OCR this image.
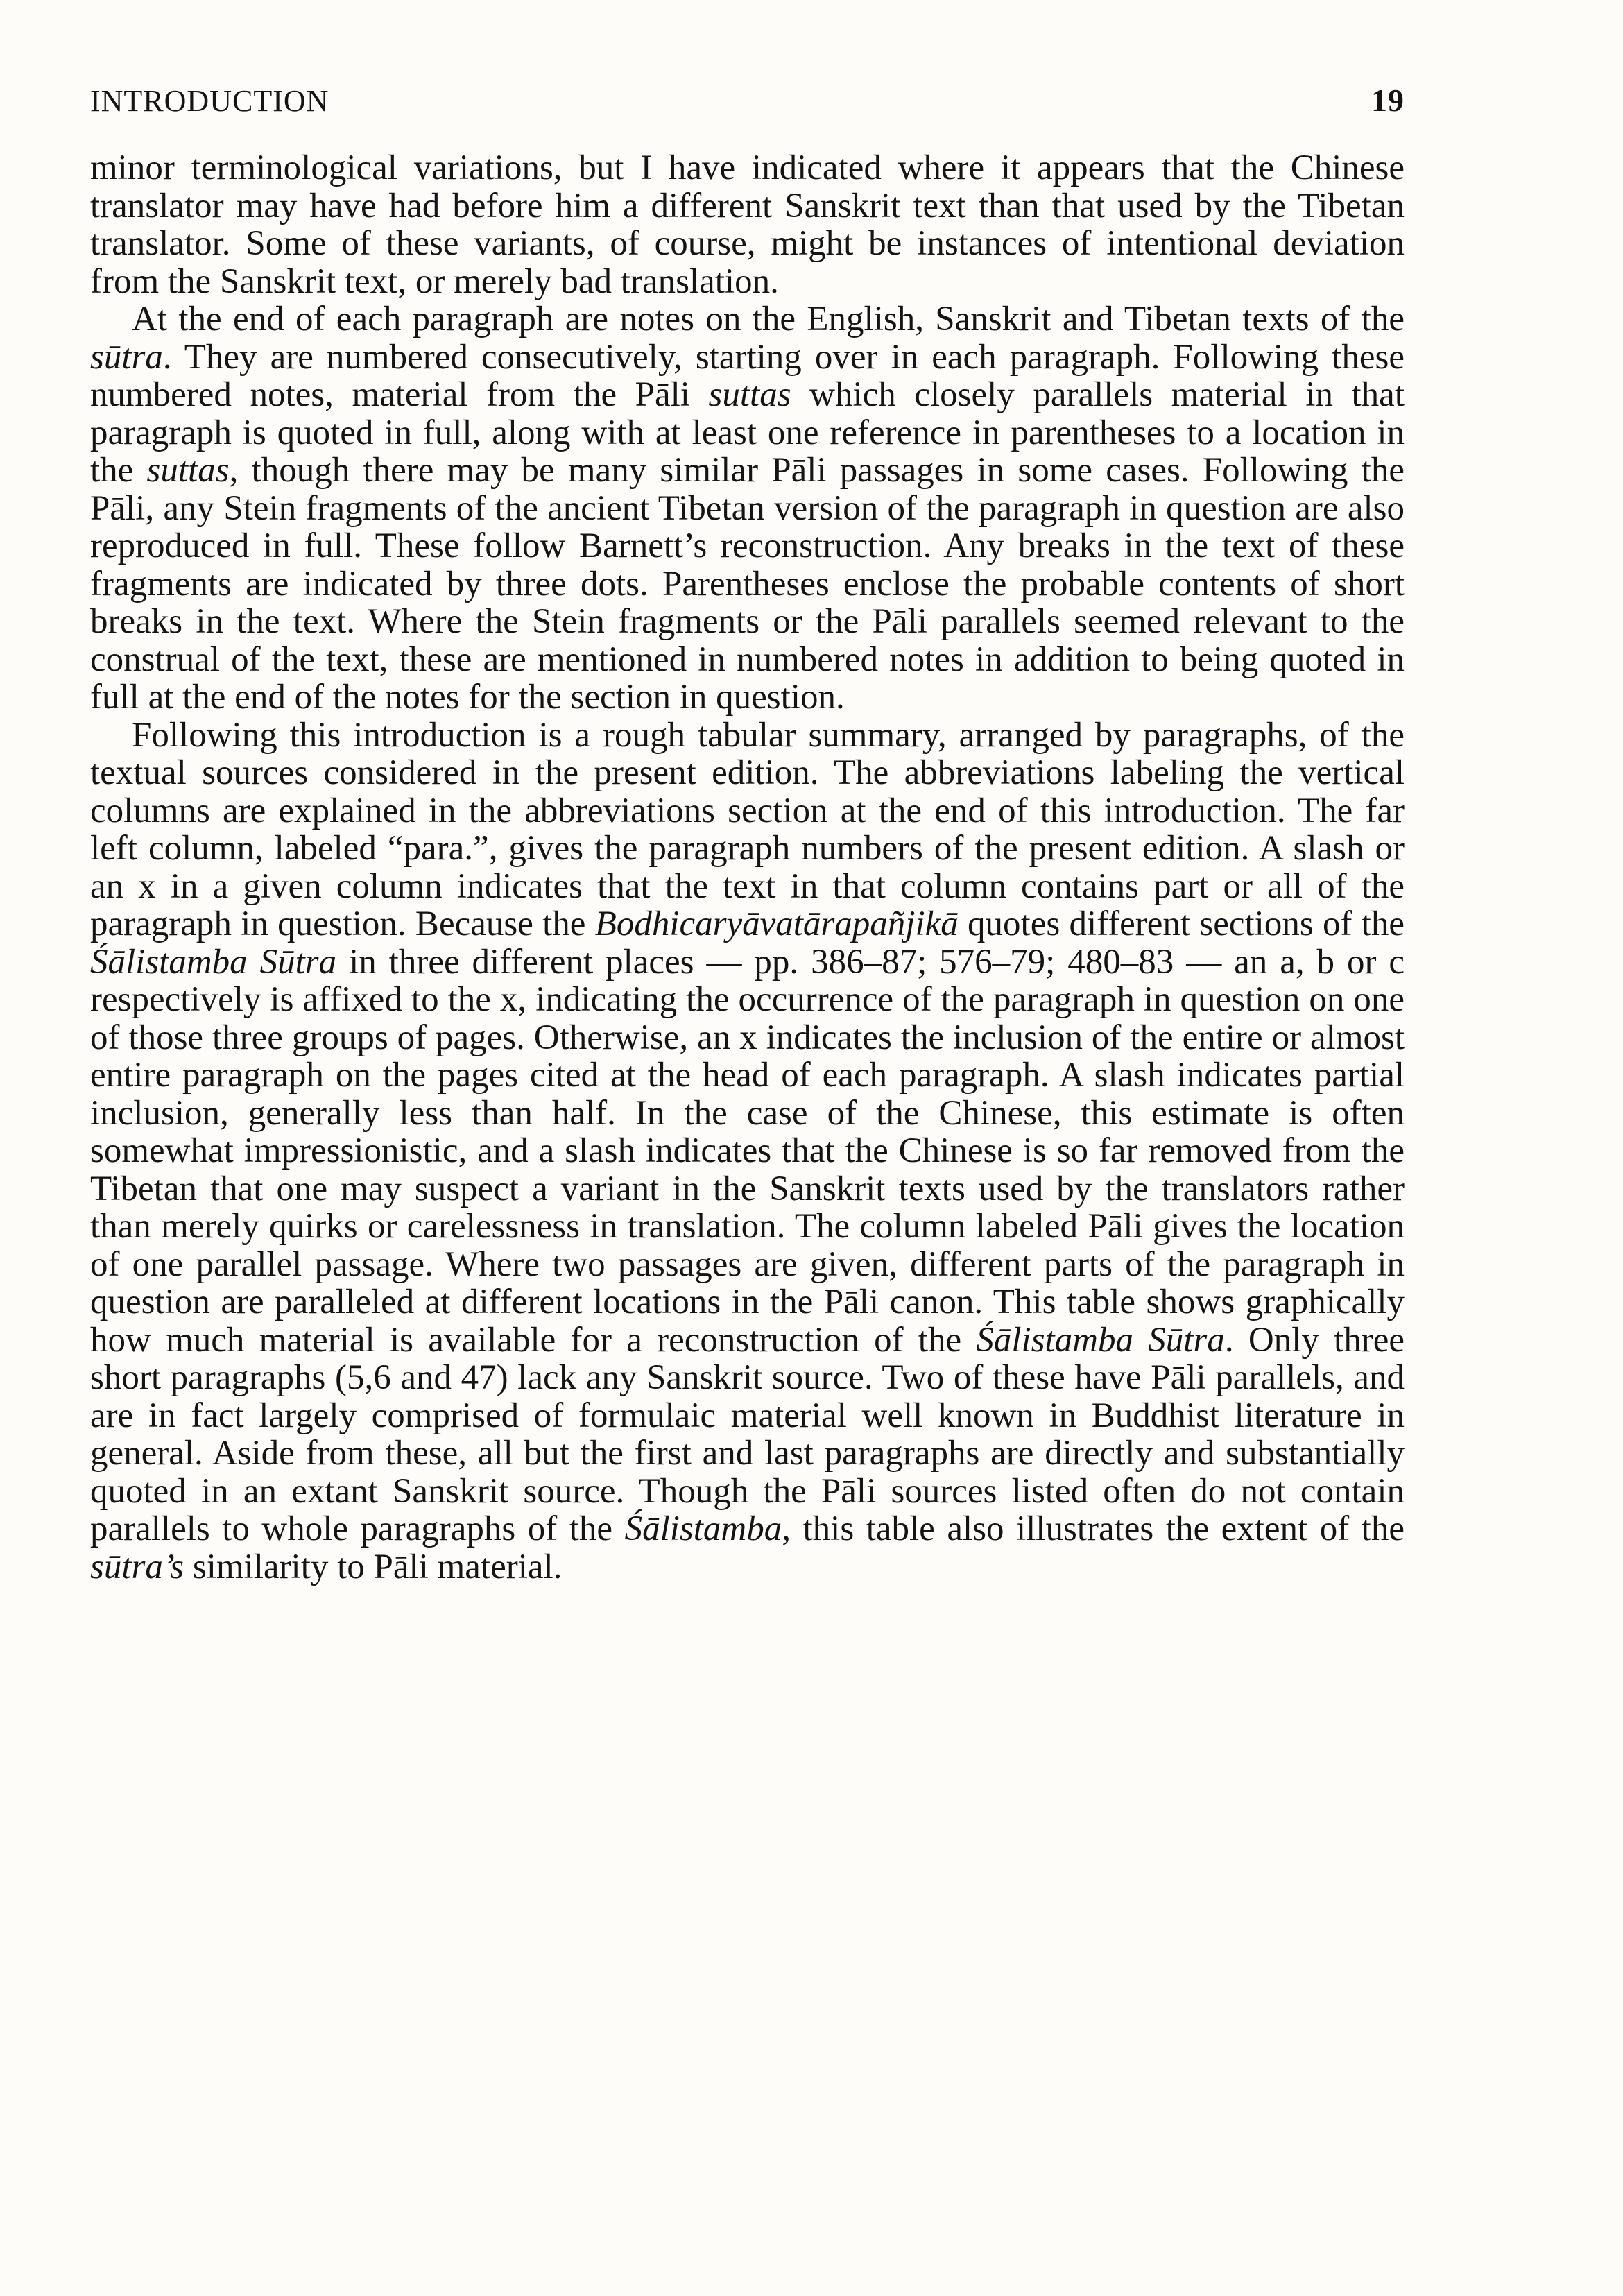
INTRODUCTION	19

minor terminological variations, but I have indicated where it appears that the Chinese translator may have had before him a different Sanskrit text than that used by the Tibetan translator. Some of these variants, of course, might be instances of intentional deviation from the Sanskrit text, or merely bad translation.

At the end of each paragraph are notes on the English, Sanskrit and Tibetan texts of the sūtra. They are numbered consecutively, starting over in each paragraph. Following these numbered notes, material from the Pāli suttas which closely parallels material in that paragraph is quoted in full, along with at least one reference in parentheses to a location in the suttas, though there may be many similar Pāli passages in some cases. Following the Pāli, any Stein fragments of the ancient Tibetan version of the paragraph in question are also reproduced in full. These follow Barnett’s reconstruction. Any breaks in the text of these fragments are indicated by three dots. Parentheses enclose the probable contents of short breaks in the text. Where the Stein fragments or the Pāli parallels seemed relevant to the construal of the text, these are mentioned in numbered notes in addition to being quoted in full at the end of the notes for the section in question.

Following this introduction is a rough tabular summary, arranged by paragraphs, of the textual sources considered in the present edition. The abbreviations labeling the vertical columns are explained in the abbreviations section at the end of this introduction. The far left column, labeled “para.”, gives the paragraph numbers of the present edition. A slash or an x in a given column indicates that the text in that column contains part or all of the paragraph in question. Because the Bodhicaryāvatārapañjikā quotes different sections of the Śālistamba Sūtra in three different places — pp. 386–87; 576–79; 480–83 — an a, b or c respectively is affixed to the x, indicating the occurrence of the paragraph in question on one of those three groups of pages. Otherwise, an x indicates the inclusion of the entire or almost entire paragraph on the pages cited at the head of each paragraph. A slash indicates partial inclusion, generally less than half. In the case of the Chinese, this estimate is often somewhat impressionistic, and a slash indicates that the Chinese is so far removed from the Tibetan that one may suspect a variant in the Sanskrit texts used by the translators rather than merely quirks or carelessness in translation. The column labeled Pāli gives the location of one parallel passage. Where two passages are given, different parts of the paragraph in question are paralleled at different locations in the Pāli canon. This table shows graphically how much material is available for a reconstruction of the Śālistamba Sūtra. Only three short paragraphs (5,6 and 47) lack any Sanskrit source. Two of these have Pāli parallels, and are in fact largely comprised of formulaic material well known in Buddhist literature in general. Aside from these, all but the first and last paragraphs are directly and substantially quoted in an extant Sanskrit source. Though the Pāli sources listed often do not contain parallels to whole paragraphs of the Śālistamba, this table also illustrates the extent of the sūtra’s similarity to Pāli material.
